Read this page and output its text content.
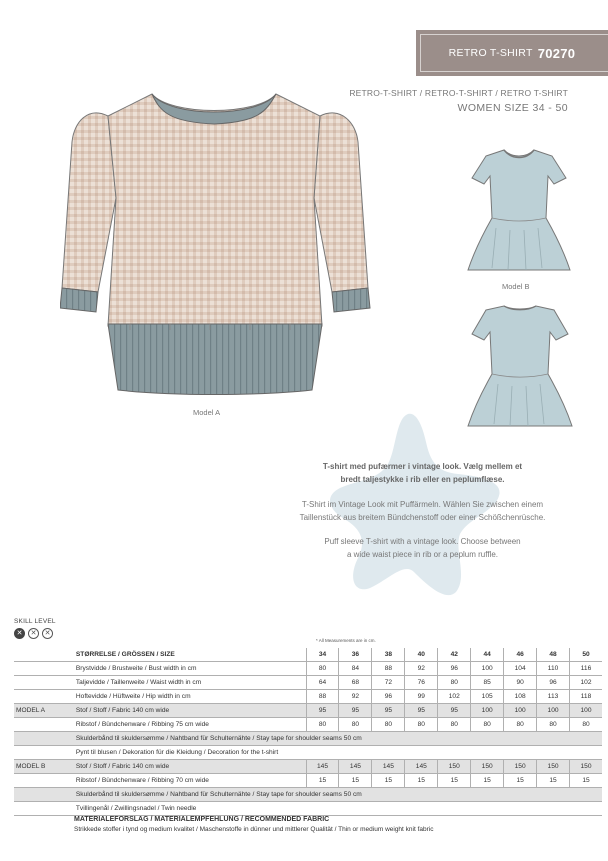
RETRO T-SHIRT 70270
RETRO-T-SHIRT / RETRO-T-SHIRT / RETRO T-SHIRT
WOMEN SIZE 34 - 50
Model A
Model B
T-shirt med pufærmer i vintage look. Vælg mellem et
bredt taljestykke i rib eller en peplumflæse.
T-Shirt im Vintage Look mit Puffärmeln. Wählen Sie zwischen einem
Taillenstück aus breitem Bündchenstoff oder einer Schößchenrüsche.
Puff sleeve T-shirt with a vintage look. Choose between
a wide waist piece in rib or a peplum ruffle.
SKILL LEVEL
✕	✕	✕
* All Measurements are in cm.
	STØRRELSE / GRÖSSEN / SIZE	34	36	38	40	42	44	46	48	50
	Brystvidde / Brustweite / Bust width in cm	80	84	88	92	96	100	104	110	116
	Taljevidde / Taillenweite / Waist width in cm	64	68	72	76	80	85	90	96	102
	Hoftevidde / Hüftweite / Hip width in cm	88	92	96	99	102	105	108	113	118
MODEL A	Stof / Stoff / Fabric 140 cm wide	95	95	95	95	95	100	100	100	100
	Ribstof / Bündchenware / Ribbing 75 cm wide	80	80	80	80	80	80	80	80	80
	Skulderbånd til skuldersømme / Nahtband für Schulternähte / Stay tape for shoulder seams 50 cm									
	Pynt til blusen / Dekoration für die Kleidung / Decoration for the t-shirt									
MODEL B	Stof / Stoff / Fabric 140 cm wide	145	145	145	145	150	150	150	150	150
	Ribstof / Bündchenware / Ribbing 70 cm wide	15	15	15	15	15	15	15	15	15
	Skulderbånd til skuldersømme / Nahtband für Schulternähte / Stay tape for shoulder seams 50 cm									
	Tvillingenål / Zwillingsnadel / Twin needle									
MATERIALEFORSLAG / MATERIALEMPFEHLUNG / RECOMMENDED FABRIC
Strikkede stoffer i tynd og medium kvalitet / Maschenstoffe in dünner und mittlerer Qualität / Thin or medium weight knit fabric
